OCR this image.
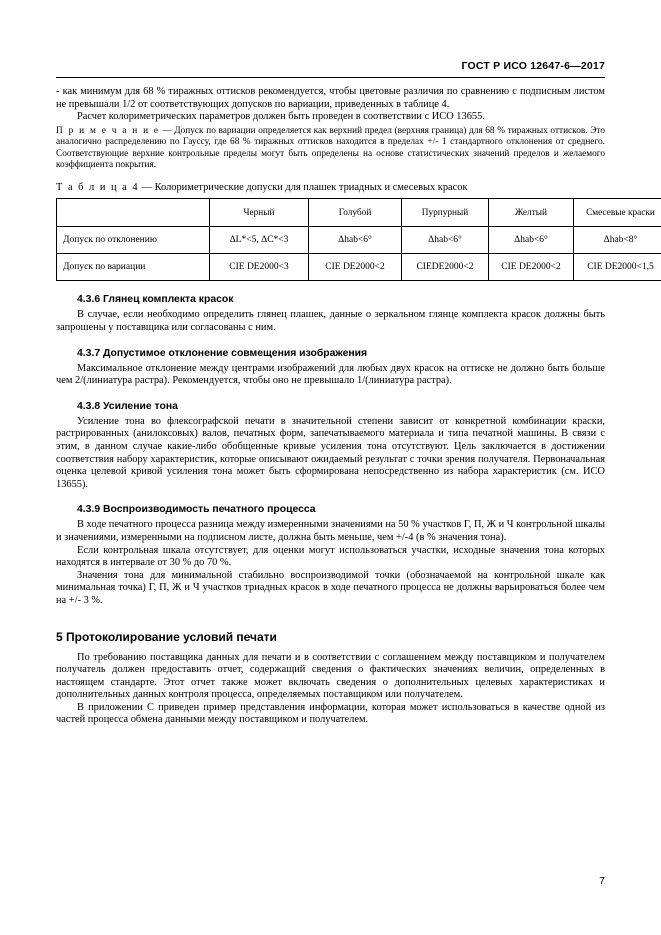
ГОСТ Р ИСО 12647-6—2017

- как минимум для 68 % тиражных оттисков рекомендуется, чтобы цветовые различия по сравнению с подписным листом не превышали 1/2 от соответствующих допусков по вариации, приведенных в таблице 4.

Расчет колориметрических параметров должен быть проведен в соответствии с ИСО 13655.

П р и м е ч а н и е — Допуск по вариации определяется как верхний предел (верхняя граница) для 68 % тиражных оттисков. Это аналогично распределению по Гауссу, где 68 % тиражных оттисков находится в пределах +/- 1 стандартного отклонения от среднего. Соответствующие верхние контрольные пределы могут быть определены на основе статистических значений пределов и желаемого коэффициента покрытия.

Т а б л и ц а 4 — Колориметрические допуски для плашек триадных и смесевых красок
	Черный	Голубой	Пурпурный	Желтый	Смесевые краски
Допуск по отклонению	ΔL*<5, ΔC*<3	Δhab<6°	Δhab<6°	Δhab<6°	Δhab<8°
Допуск по вариации	CIE DE2000<3	CIE DE2000<2	CIEDE2000<2	CIE DE2000<2	CIE DE2000<1,5
4.3.6 Глянец комплекта красок

В случае, если необходимо определить глянец плашек, данные о зеркальном глянце комплекта красок должны быть запрошены у поставщика или согласованы с ним.

4.3.7 Допустимое отклонение совмещения изображения

Максимальное отклонение между центрами изображений для любых двух красок на оттиске не должно быть больше чем 2/(линиатура растра). Рекомендуется, чтобы оно не превышало 1/(линиатура растра).

4.3.8 Усиление тона

Усиление тона во флексографской печати в значительной степени зависит от конкретной комбинации краски, растрированных (анилоксовых) валов, печатных форм, запечатываемого материала и типа печатной машины. В связи с этим, в данном случае какие-либо обобщенные кривые усиления тона отсутствуют. Цель заключается в достижении соответствия набору характеристик, которые описывают ожидаемый результат с точки зрения получателя. Первоначальная оценка целевой кривой усиления тона может быть сформирована непосредственно из набора характеристик (см. ИСО 13655).

4.3.9 Воспроизводимость печатного процесса

В ходе печатного процесса разница между измеренными значениями на 50 % участков Г, П, Ж и Ч контрольной шкалы и значениями, измеренными на подписном листе, должна быть меньше, чем +/-4 (в % значения тона).

Если контрольная шкала отсутствует, для оценки могут использоваться участки, исходные значения тона которых находятся в интервале от 30 % до 70 %.

Значения тона для минимальной стабильно воспроизводимой точки (обозначаемой на контрольной шкале как минимальная точка) Г, П, Ж и Ч участков триадных красок в ходе печатного процесса не должны варьироваться более чем на +/- 3 %.

5 Протоколирование условий печати

По требованию поставщика данных для печати и в соответствии с соглашением между поставщиком и получателем получатель должен предоставить отчет, содержащий сведения о фактических значениях величин, определенных в настоящем стандарте. Этот отчет также может включать сведения о дополнительных целевых характеристиках и дополнительных данных контроля процесса, определяемых поставщиком или получателем.

В приложении С приведен пример представления информации, которая может использоваться в качестве одной из частей процесса обмена данными между поставщиком и получателем.

7
